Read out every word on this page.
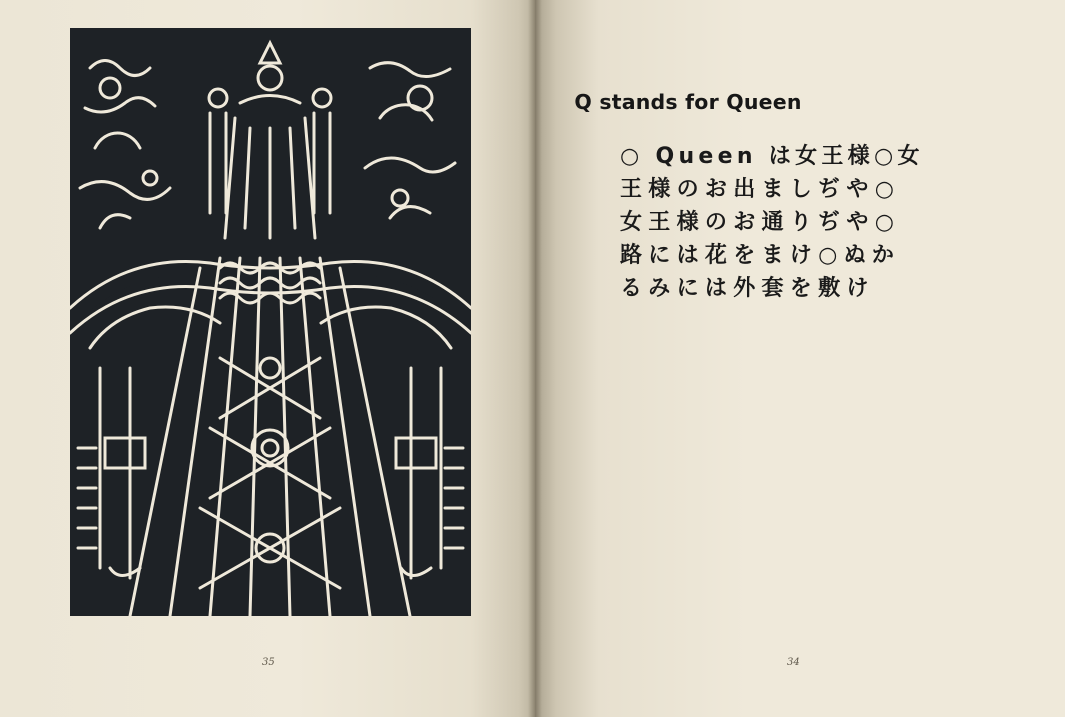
35
Q stands for Queen
○ Queen は女王様○女
王様のお出ましぢや○
女王様のお通りぢや○
路には花をまけ○ぬか
るみには外套を敷け
34
